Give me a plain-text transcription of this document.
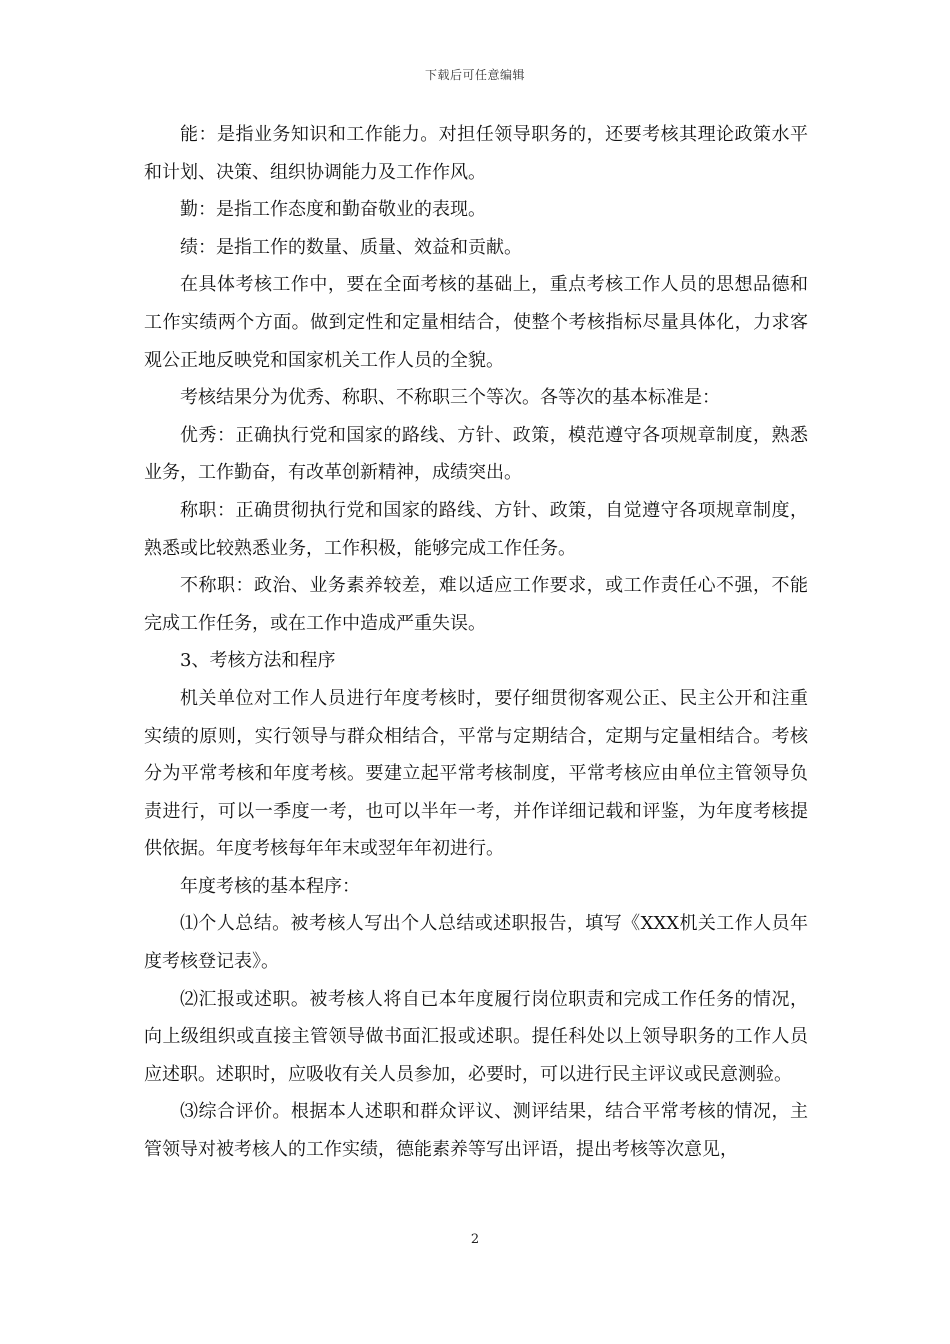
下载后可任意编辑

能：是指业务知识和工作能力。对担任领导职务的，还要考核其理论政策水平和计划、决策、组织协调能力及工作作风。

勤：是指工作态度和勤奋敬业的表现。

绩：是指工作的数量、质量、效益和贡献。

在具体考核工作中，要在全面考核的基础上，重点考核工作人员的思想品德和工作实绩两个方面。做到定性和定量相结合，使整个考核指标尽量具体化，力求客观公正地反映党和国家机关工作人员的全貌。

考核结果分为优秀、称职、不称职三个等次。各等次的基本标准是：

优秀：正确执行党和国家的路线、方针、政策，模范遵守各项规章制度，熟悉业务，工作勤奋，有改革创新精神，成绩突出。

称职：正确贯彻执行党和国家的路线、方针、政策，自觉遵守各项规章制度，熟悉或比较熟悉业务，工作积极，能够完成工作任务。

不称职：政治、业务素养较差，难以适应工作要求，或工作责任心不强，不能完成工作任务，或在工作中造成严重失误。

3、考核方法和程序

机关单位对工作人员进行年度考核时，要仔细贯彻客观公正、民主公开和注重实绩的原则，实行领导与群众相结合，平常与定期结合，定期与定量相结合。考核分为平常考核和年度考核。要建立起平常考核制度，平常考核应由单位主管领导负责进行，可以一季度一考，也可以半年一考，并作详细记载和评鉴，为年度考核提供依据。年度考核每年年末或翌年年初进行。

年度考核的基本程序：

⑴个人总结。被考核人写出个人总结或述职报告，填写《XXX机关工作人员年度考核登记表》。

⑵汇报或述职。被考核人将自已本年度履行岗位职责和完成工作任务的情况，向上级组织或直接主管领导做书面汇报或述职。提任科处以上领导职务的工作人员应述职。述职时，应吸收有关人员参加，必要时，可以进行民主评议或民意测验。

⑶综合评价。根据本人述职和群众评议、测评结果，结合平常考核的情况，主管领导对被考核人的工作实绩，德能素养等写出评语，提出考核等次意见，

2
